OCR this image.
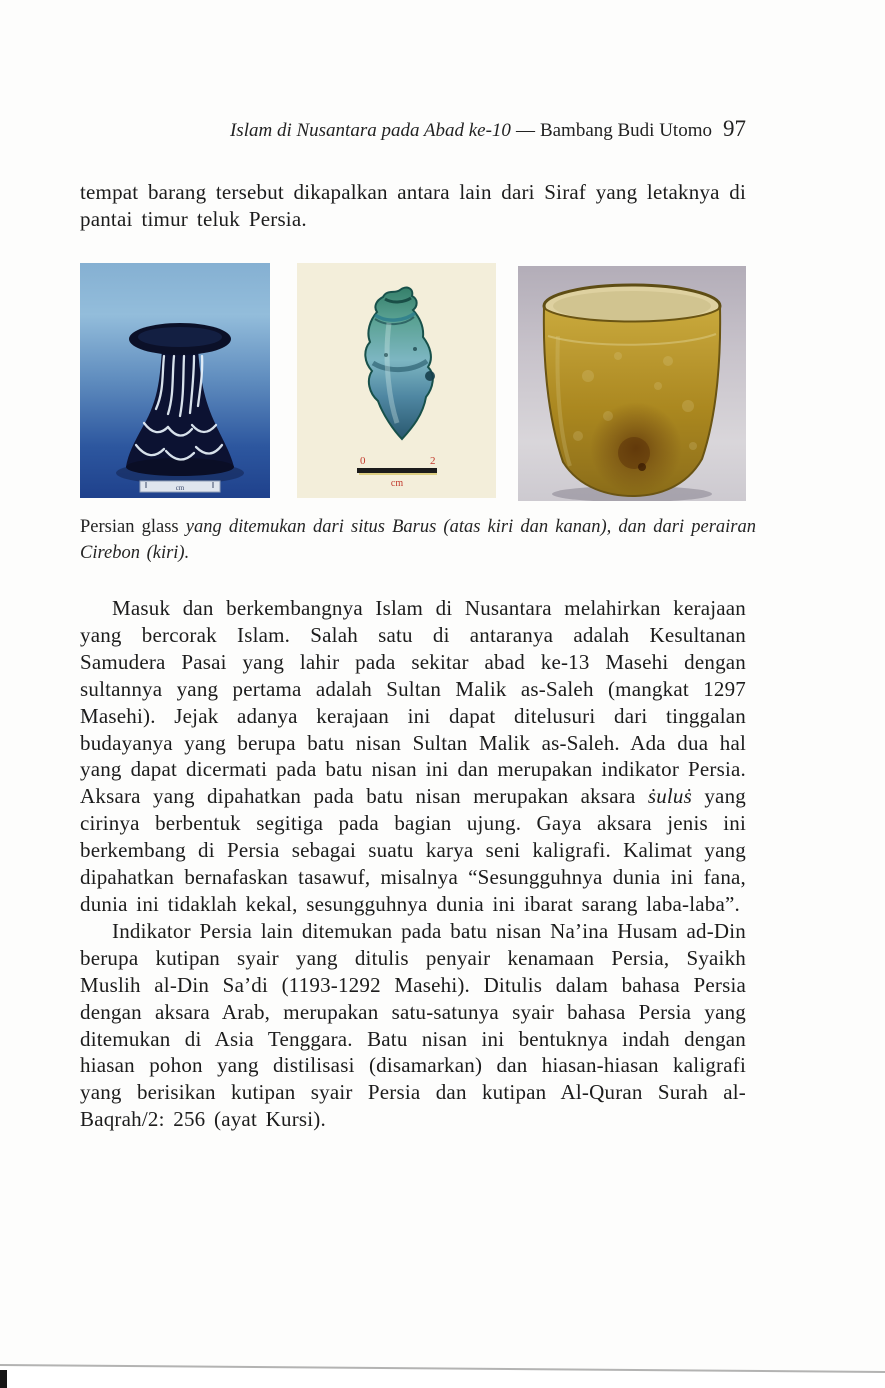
Islam di Nusantara pada Abad ke-10 — Bambang Budi Utomo 97

tempat barang tersebut dikapalkan antara lain dari Siraf yang letaknya di pantai timur teluk Persia.

cm
0	2
cm

Persian glass yang ditemukan dari situs Barus (atas kiri dan kanan), dan dari perairan Cirebon (kiri).

Masuk dan berkembangnya Islam di Nusantara melahirkan kerajaan yang bercorak Islam. Salah satu di antaranya adalah Kesultanan Samudera Pasai yang lahir pada sekitar abad ke-13 Masehi dengan sultannya yang pertama adalah Sultan Malik as-Saleh (mangkat 1297 Masehi). Jejak adanya kerajaan ini dapat ditelusuri dari tinggalan budayanya yang berupa batu nisan Sultan Malik as-Saleh. Ada dua hal yang dapat dicermati pada batu nisan ini dan merupakan indikator Persia. Aksara yang dipahatkan pada batu nisan merupakan aksara ṡuluṡ yang cirinya berbentuk segitiga pada bagian ujung. Gaya aksara jenis ini berkembang di Persia sebagai suatu karya seni kaligrafi. Kalimat yang dipahatkan bernafaskan tasawuf, misalnya “Sesungguhnya dunia ini fana, dunia ini tidaklah kekal, sesungguhnya dunia ini ibarat sarang laba-laba”.

Indikator Persia lain ditemukan pada batu nisan Na’ina Husam ad-Din berupa kutipan syair yang ditulis penyair kenamaan Persia, Syaikh Muslih al-Din Sa’di (1193-1292 Masehi). Ditulis dalam bahasa Persia dengan aksara Arab, merupakan satu-satunya syair bahasa Persia yang ditemukan di Asia Tenggara. Batu nisan ini bentuknya indah dengan hiasan pohon yang distilisasi (disamarkan) dan hiasan-hiasan kaligrafi yang berisikan kutipan syair Persia dan kutipan Al-Quran Surah al-Baqrah/2: 256 (ayat Kursi).
